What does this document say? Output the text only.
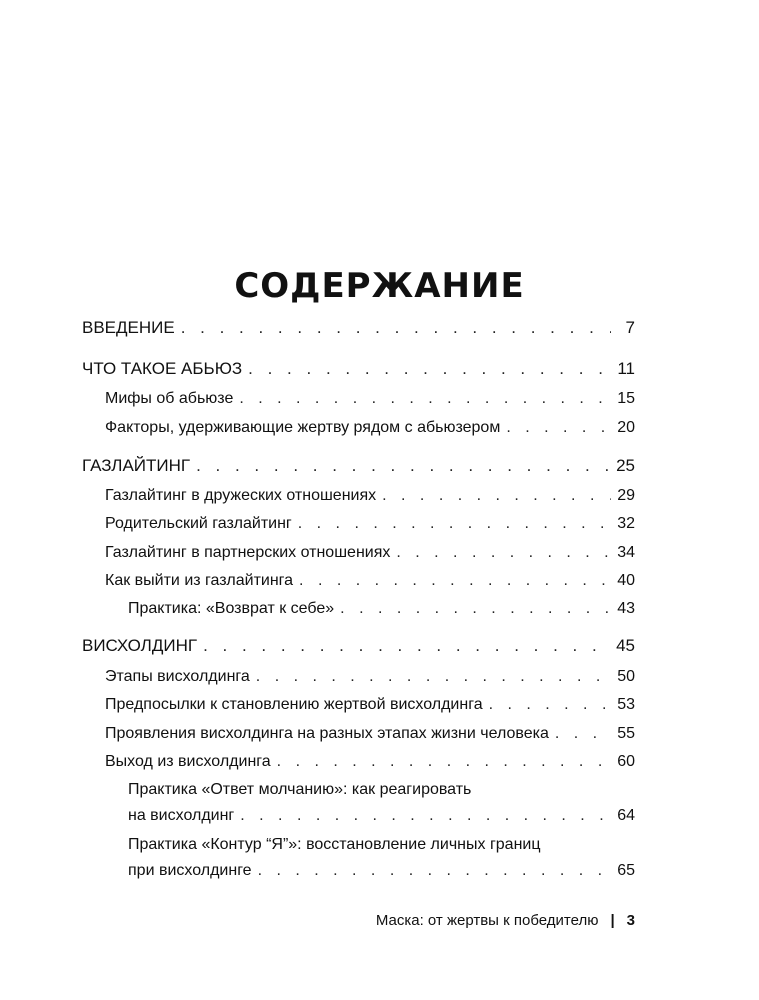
СОДЕРЖАНИЕ
ВВЕДЕНИЕ . . .	7
ЧТО ТАКОЕ АБЬЮЗ . . .	11
Мифы об абьюзе . . .	15
Факторы, удерживающие жертву рядом с абьюзером . . .	20
ГАЗЛАЙТИНГ . . .	25
Газлайтинг в дружеских отношениях . . .	29
Родительский газлайтинг . . .	32
Газлайтинг в партнерских отношениях . . .	34
Как выйти из газлайтинга . . .	40
Практика: «Возврат к себе» . . .	43
ВИСХОЛДИНГ . . .	45
Этапы висхолдинга . . .	50
Предпосылки к становлению жертвой висхолдинга . . .	53
Проявления висхолдинга на разных этапах жизни человека . . .	55
Выход из висхолдинга . . .	60
Практика «Ответ молчанию»: как реагировать
на висхолдинг . . .	64
Практика «Контур “Я”»: восстановление личных границ
при висхолдинге . . .	65
Маска: от жертвы к победителю | 3
